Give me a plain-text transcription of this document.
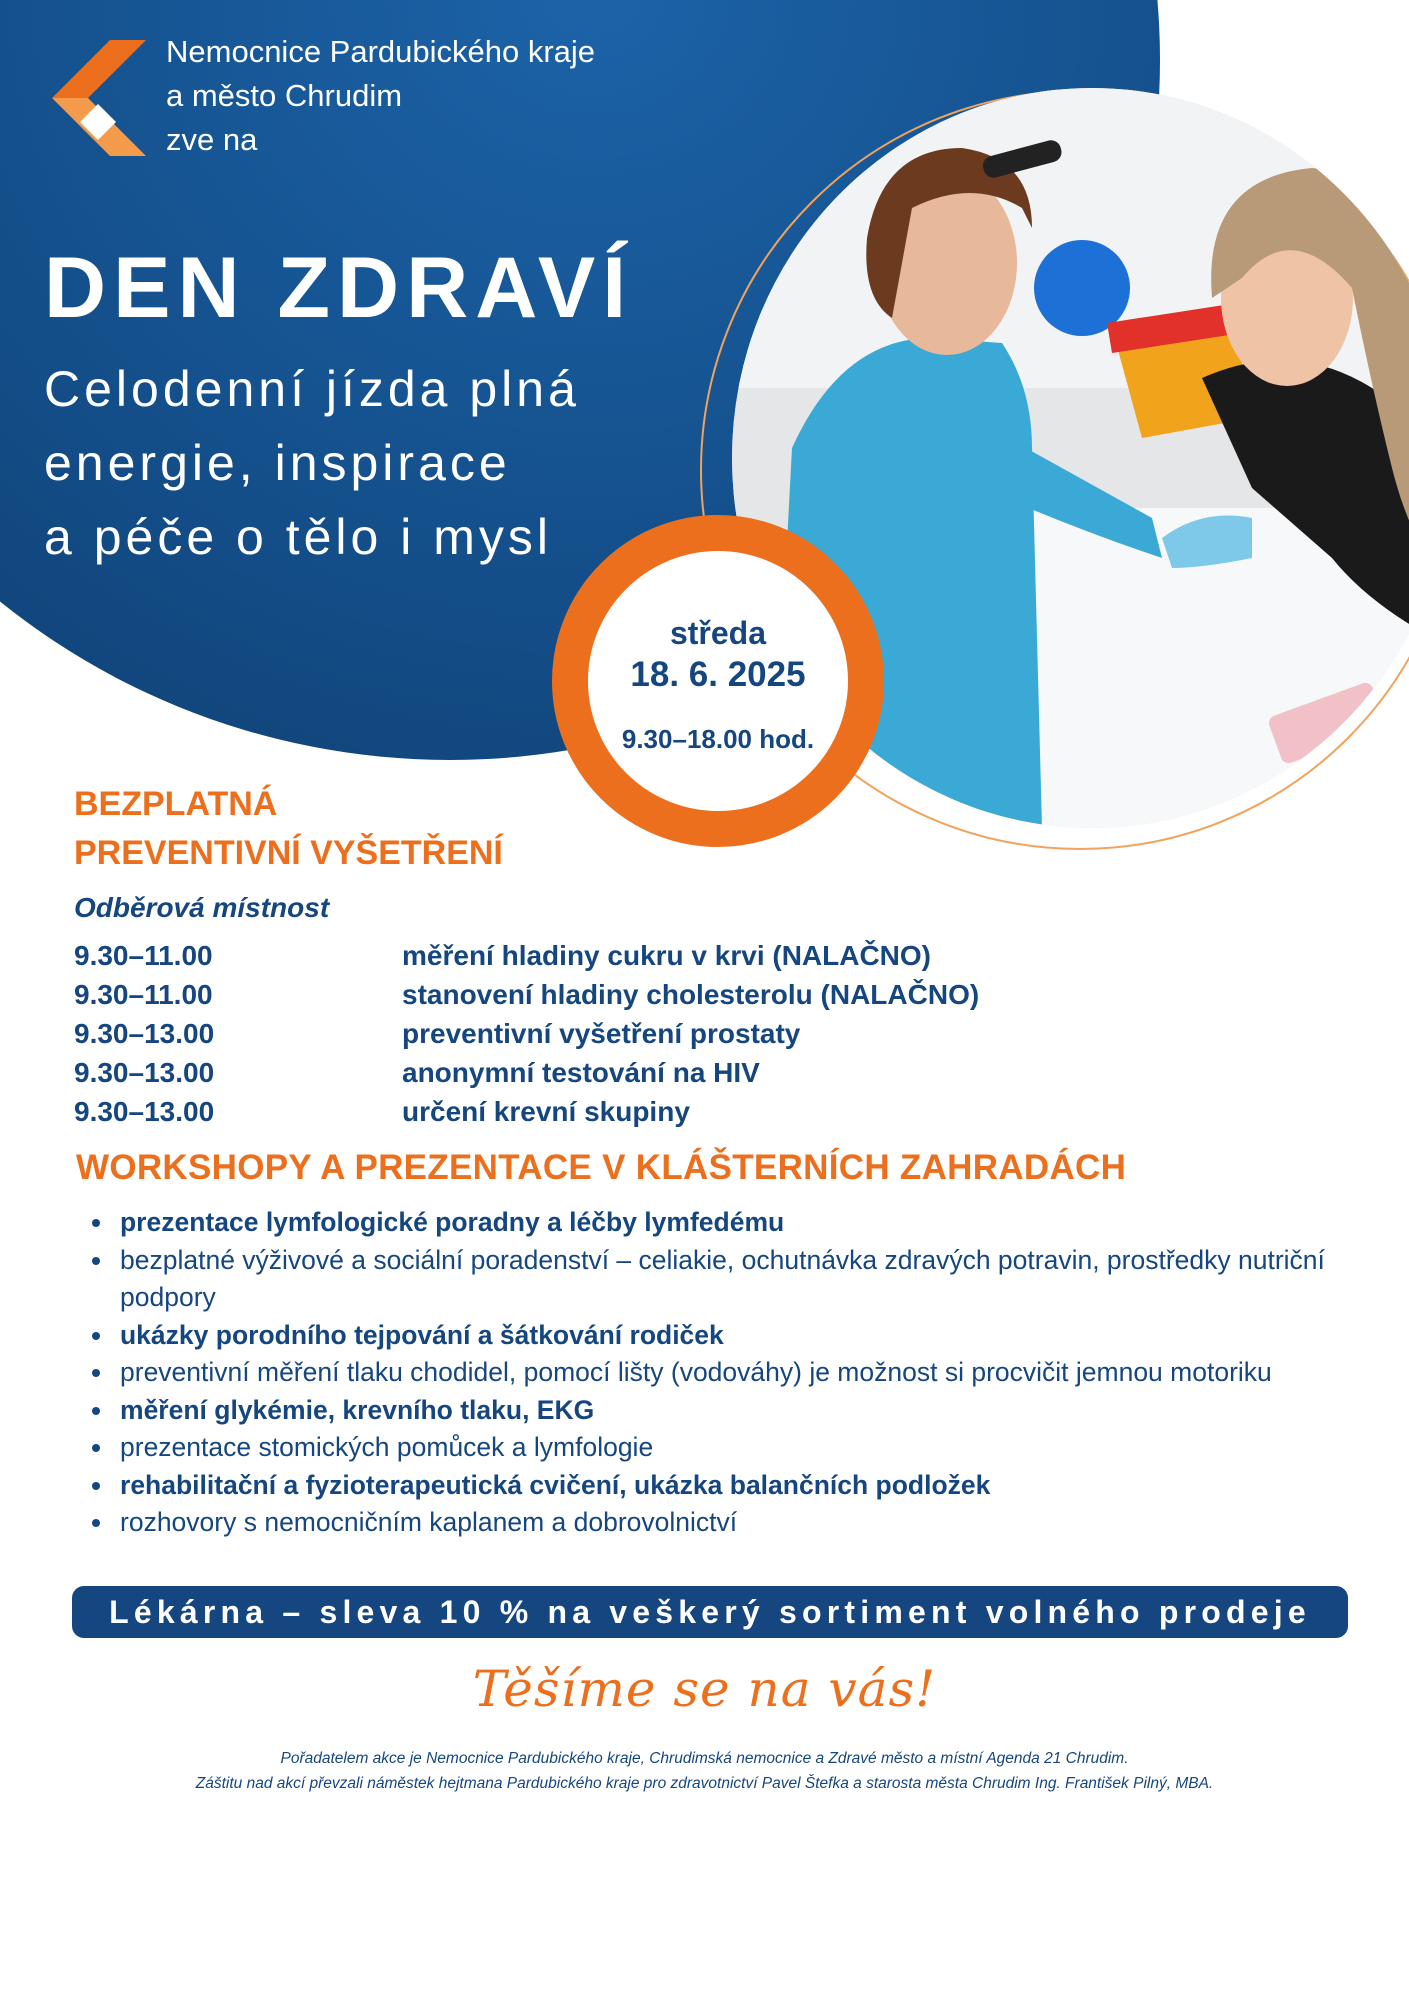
Nemocnice Pardubického kraje
a město Chrudim
zve na
DEN ZDRAVÍ
Celodenní jízda plná
energie, inspirace
a péče o tělo i mysl
středa
18. 6. 2025
9.30–18.00 hod.
BEZPLATNÁ
PREVENTIVNÍ VYŠETŘENÍ
Odběrová místnost
9.30–11.00	měření hladiny cukru v krvi (NALAČNO)
9.30–11.00	stanovení hladiny cholesterolu (NALAČNO)
9.30–13.00	preventivní vyšetření prostaty
9.30–13.00	anonymní testování na HIV
9.30–13.00	určení krevní skupiny
WORKSHOPY A PREZENTACE V KLÁŠTERNÍCH ZAHRADÁCH
prezentace lymfologické poradny a léčby lymfedému
bezplatné výživové a sociální poradenství – celiakie, ochutnávka zdravých potravin, prostředky nutriční podpory
ukázky porodního tejpování a šátkování rodiček
preventivní měření tlaku chodidel, pomocí lišty (vodováhy) je možnost si procvičit jemnou motoriku
měření glykémie, krevního tlaku, EKG
prezentace stomických pomůcek a lymfologie
rehabilitační a fyzioterapeutická cvičení, ukázka balančních podložek
rozhovory s nemocničním kaplanem a dobrovolnictví
Lékárna – sleva 10 % na veškerý sortiment volného prodeje
Těšíme se na vás!
Pořadatelem akce je Nemocnice Pardubického kraje, Chrudimská nemocnice a Zdravé město a místní Agenda 21 Chrudim.
Záštitu nad akcí převzali náměstek hejtmana Pardubického kraje pro zdravotnictví Pavel Štefka a starosta města Chrudim Ing. František Pilný, MBA.
